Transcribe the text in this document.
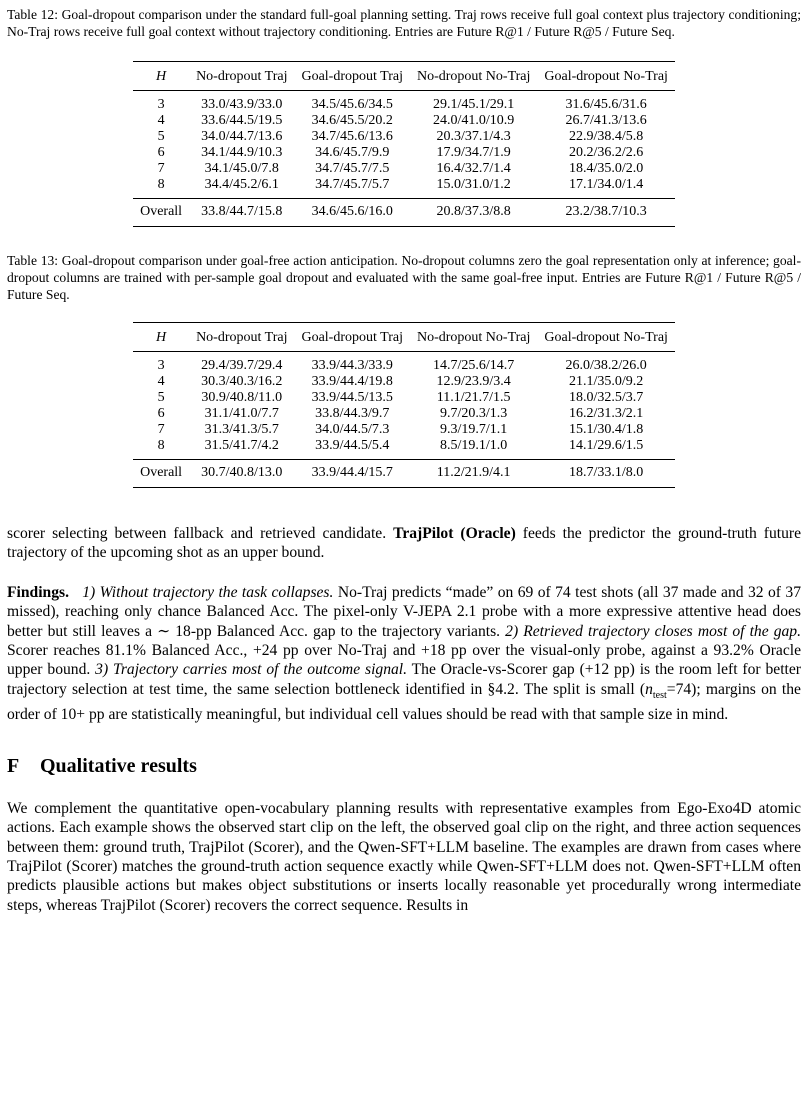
Table 12: Goal-dropout comparison under the standard full-goal planning setting. Traj rows receive full goal context plus trajectory conditioning; No-Traj rows receive full goal context without trajectory conditioning. Entries are Future R@1 / Future R@5 / Future Seq.

H	No-dropout Traj	Goal-dropout Traj	No-dropout No-Traj	Goal-dropout No-Traj
3	33.0/43.9/33.0	34.5/45.6/34.5	29.1/45.1/29.1	31.6/45.6/31.6
4	33.6/44.5/19.5	34.6/45.5/20.2	24.0/41.0/10.9	26.7/41.3/13.6
5	34.0/44.7/13.6	34.7/45.6/13.6	20.3/37.1/4.3	22.9/38.4/5.8
6	34.1/44.9/10.3	34.6/45.7/9.9	17.9/34.7/1.9	20.2/36.2/2.6
7	34.1/45.0/7.8	34.7/45.7/7.5	16.4/32.7/1.4	18.4/35.0/2.0
8	34.4/45.2/6.1	34.7/45.7/5.7	15.0/31.0/1.2	17.1/34.0/1.4
Overall	33.8/44.7/15.8	34.6/45.6/16.0	20.8/37.3/8.8	23.2/38.7/10.3

Table 13: Goal-dropout comparison under goal-free action anticipation. No-dropout columns zero the goal representation only at inference; goal-dropout columns are trained with per-sample goal dropout and evaluated with the same goal-free input. Entries are Future R@1 / Future R@5 / Future Seq.

H	No-dropout Traj	Goal-dropout Traj	No-dropout No-Traj	Goal-dropout No-Traj
3	29.4/39.7/29.4	33.9/44.3/33.9	14.7/25.6/14.7	26.0/38.2/26.0
4	30.3/40.3/16.2	33.9/44.4/19.8	12.9/23.9/3.4	21.1/35.0/9.2
5	30.9/40.8/11.0	33.9/44.5/13.5	11.1/21.7/1.5	18.0/32.5/3.7
6	31.1/41.0/7.7	33.8/44.3/9.7	9.7/20.3/1.3	16.2/31.3/2.1
7	31.3/41.3/5.7	34.0/44.5/7.3	9.3/19.7/1.1	15.1/30.4/1.8
8	31.5/41.7/4.2	33.9/44.5/5.4	8.5/19.1/1.0	14.1/29.6/1.5
Overall	30.7/40.8/13.0	33.9/44.4/15.7	11.2/21.9/4.1	18.7/33.1/8.0

scorer selecting between fallback and retrieved candidate. TrajPilot (Oracle) feeds the predictor the ground-truth future trajectory of the upcoming shot as an upper bound.

Findings. 1) Without trajectory the task collapses. No-Traj predicts “made” on 69 of 74 test shots (all 37 made and 32 of 37 missed), reaching only chance Balanced Acc. The pixel-only V-JEPA 2.1 probe with a more expressive attentive head does better but still leaves a ∼ 18-pp Balanced Acc. gap to the trajectory variants. 2) Retrieved trajectory closes most of the gap. Scorer reaches 81.1% Balanced Acc., +24 pp over No-Traj and +18 pp over the visual-only probe, against a 93.2% Oracle upper bound. 3) Trajectory carries most of the outcome signal. The Oracle-vs-Scorer gap (+12 pp) is the room left for better trajectory selection at test time, the same selection bottleneck identified in §4.2. The split is small $(n_{test}=74)$; margins on the order of 10+ pp are statistically meaningful, but individual cell values should be read with that sample size in mind.

F Qualitative results

We complement the quantitative open-vocabulary planning results with representative examples from Ego-Exo4D atomic actions. Each example shows the observed start clip on the left, the observed goal clip on the right, and three action sequences between them: ground truth, TrajPilot (Scorer), and the Qwen-SFT+LLM baseline. The examples are drawn from cases where TrajPilot (Scorer) matches the ground-truth action sequence exactly while Qwen-SFT+LLM does not. Qwen-SFT+LLM often predicts plausible actions but makes object substitutions or inserts locally reasonable yet procedurally wrong intermediate steps, whereas TrajPilot (Scorer) recovers the correct sequence. Results in
